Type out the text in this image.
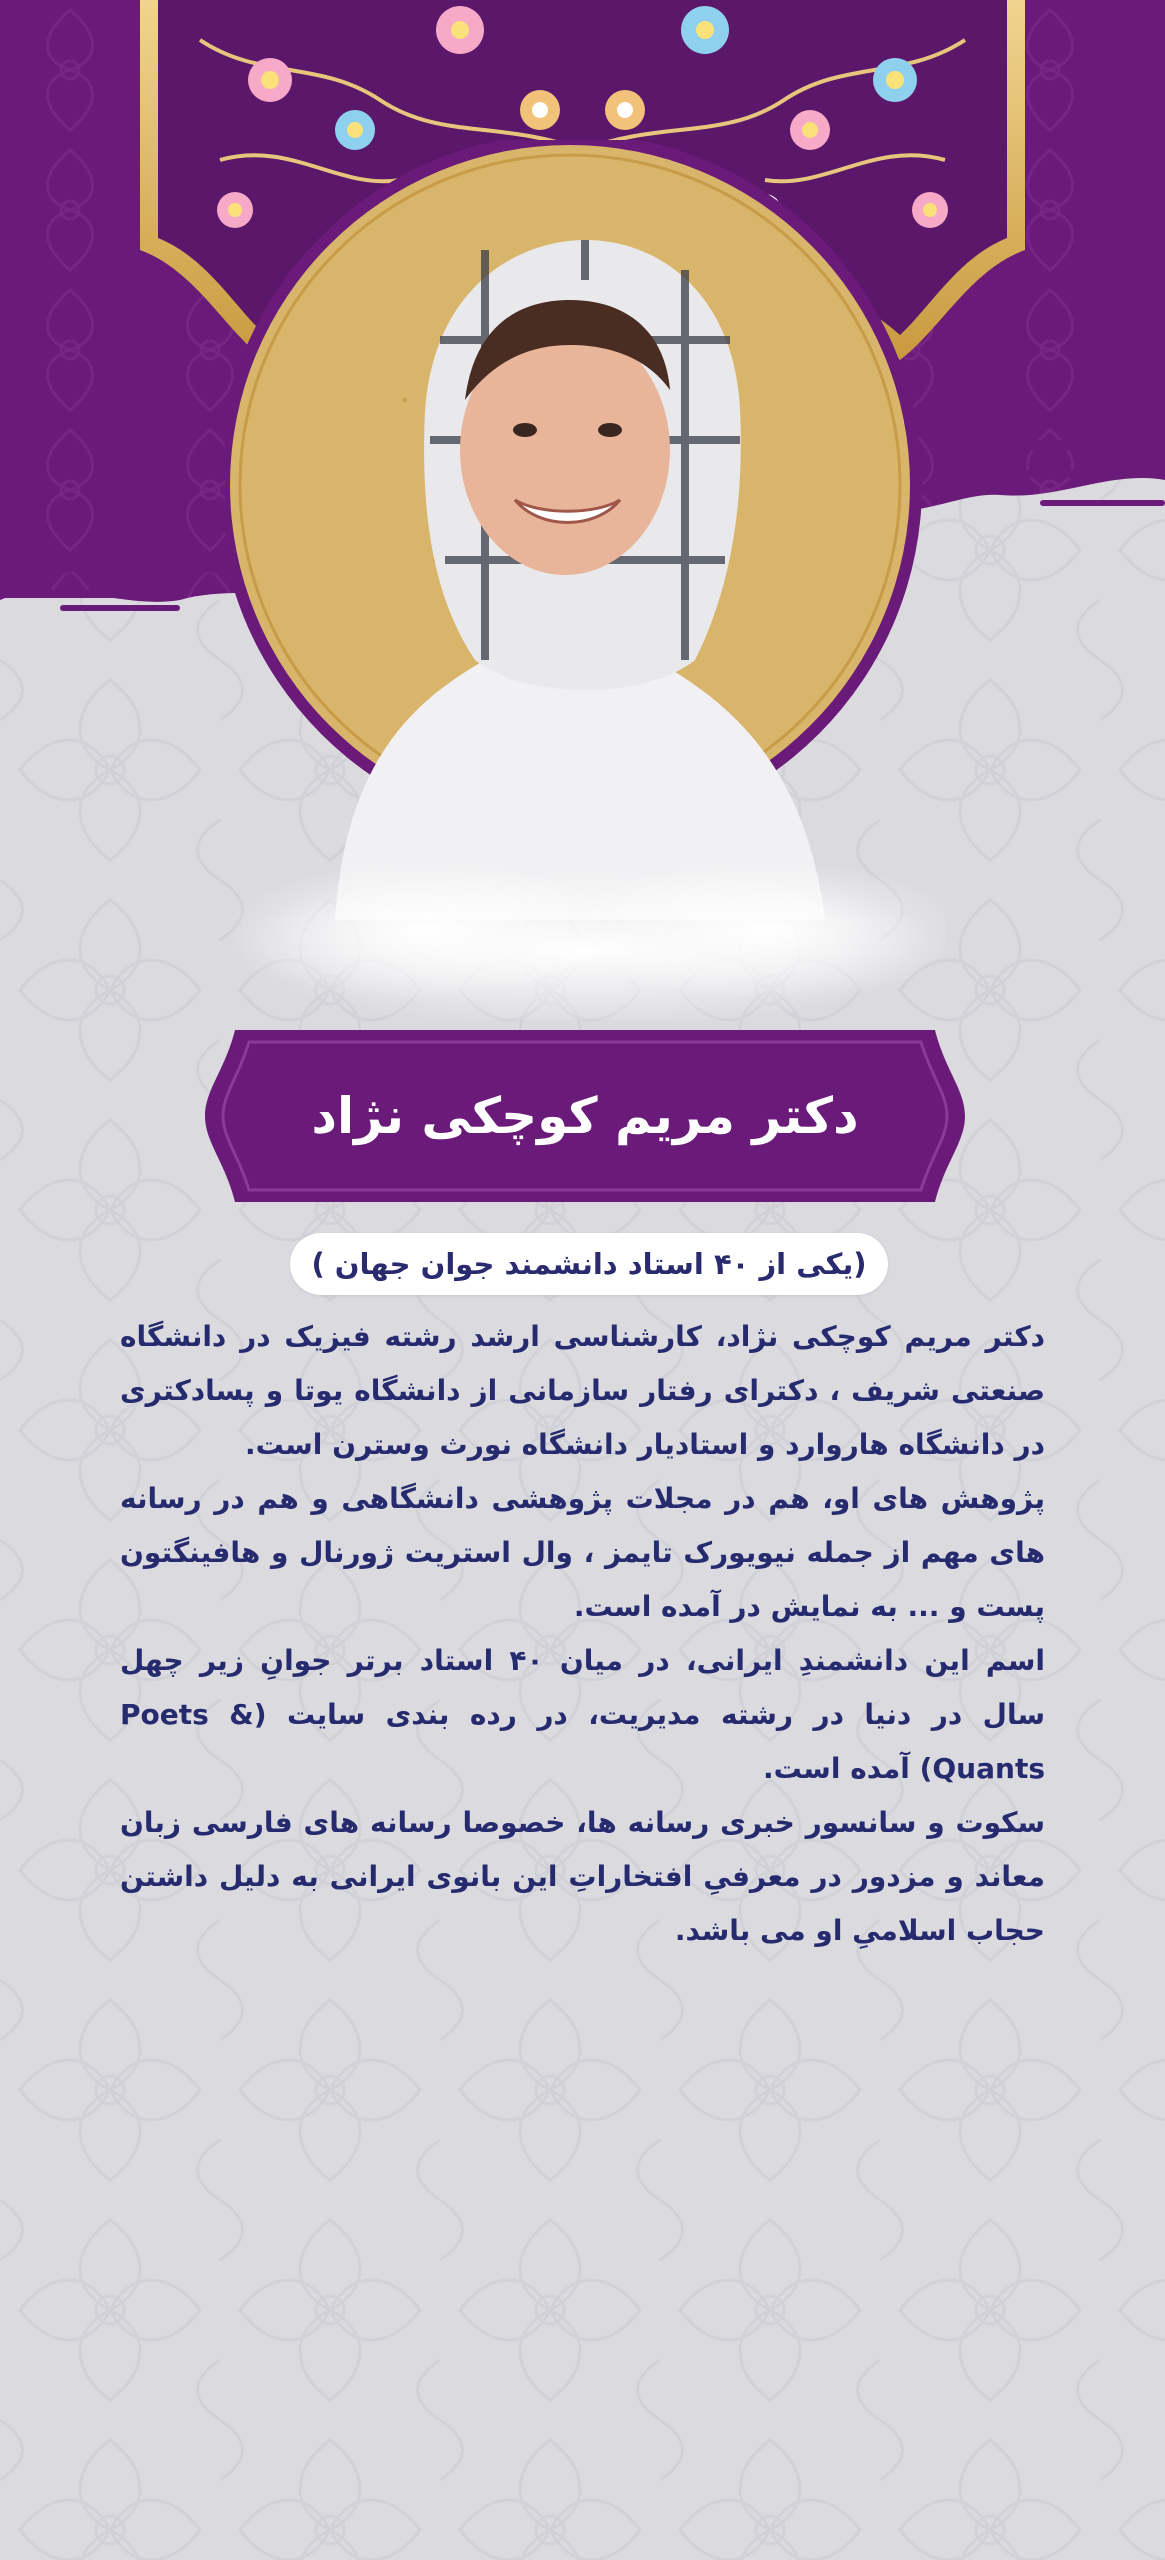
دکتر مریم کوچکی نژاد
(یکی از ۴۰ استاد دانشمند جوان جهان )

دکتر مریم کوچکی نژاد، کارشناسی ارشد رشته فیزیک در دانشگاه صنعتی شریف ، دکترای رفتار سازمانی از دانشگاه یوتا و پسادکتری در دانشگاه هاروارد و استادیار دانشگاه نورث وسترن است.

پژوهش های او، هم در مجلات پژوهشی دانشگاهی و هم در رسانه های مهم از جمله نیویورک تایمز ، وال استریت ژورنال و هافینگتون پست و ... به نمایش در آمده است.

اسم این دانشمندِ ایرانی، در میان ۴۰ استاد برتر جوانِ زیر چهل سال در دنیا در رشته مدیریت، در رده بندی سایت (Poets & Quants) آمده است.

سکوت و سانسور خبری رسانه ها، خصوصا رسانه های فارسی زبان معاند و مزدور در معرفیِ افتخاراتِ این بانوی ایرانی به دلیل داشتن حجاب اسلامیِ او می باشد.
